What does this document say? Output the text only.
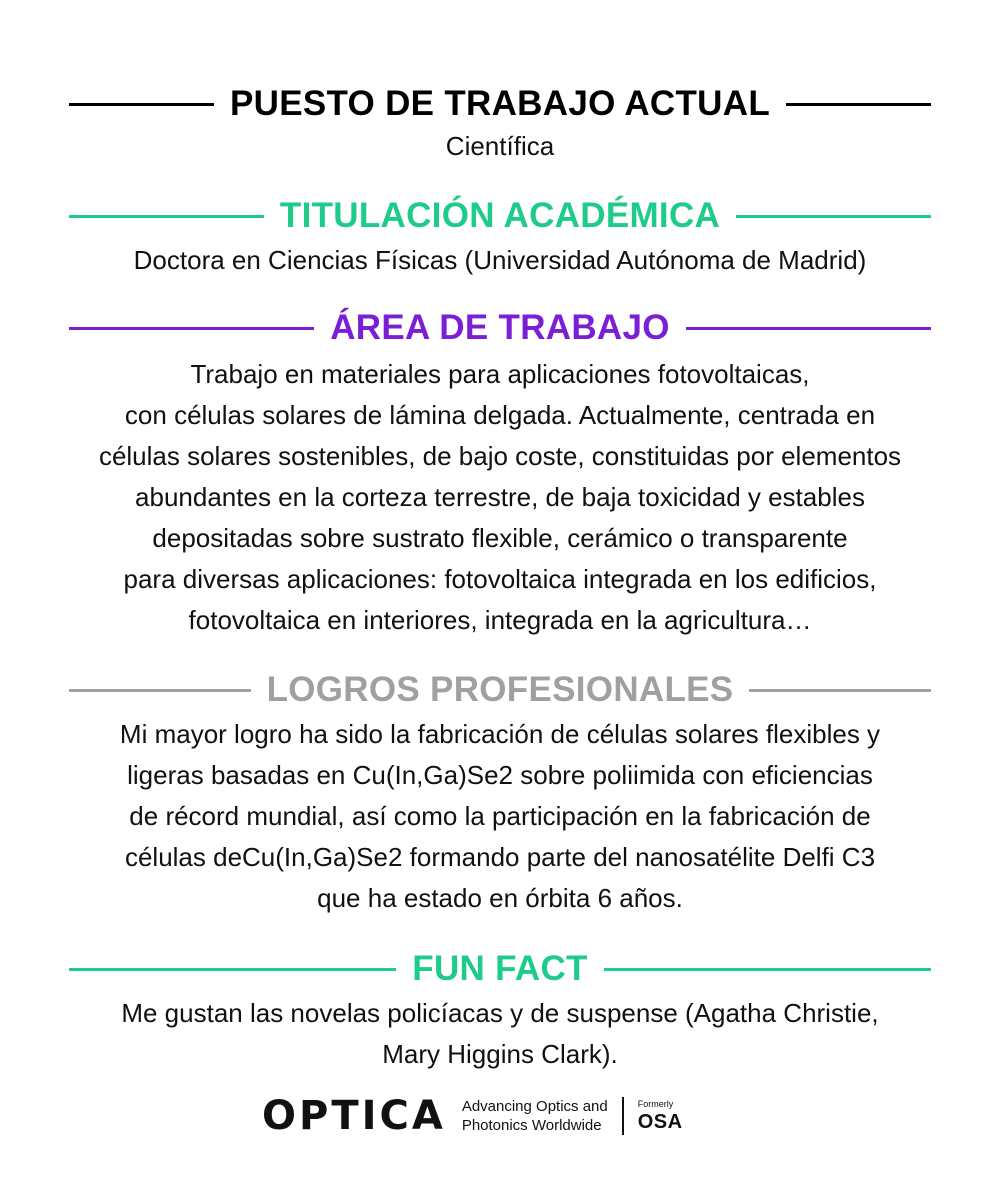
PUESTO DE TRABAJO ACTUAL

Científica

TITULACIÓN ACADÉMICA

Doctora en Ciencias Físicas (Universidad Autónoma de Madrid)

ÁREA DE TRABAJO

Trabajo en materiales para aplicaciones fotovoltaicas,
con células solares de lámina delgada. Actualmente, centrada en
células solares sostenibles, de bajo coste, constituidas por elementos
abundantes en la corteza terrestre, de baja toxicidad y estables
depositadas sobre sustrato flexible, cerámico o transparente
para diversas aplicaciones: fotovoltaica integrada en los edificios,
fotovoltaica en interiores, integrada en la agricultura…

LOGROS PROFESIONALES

Mi mayor logro ha sido la fabricación de células solares flexibles y
ligeras basadas en Cu(In,Ga)Se2 sobre poliimida con eficiencias
de récord mundial, así como la participación en la fabricación de
células deCu(In,Ga)Se2 formando parte del nanosatélite Delfi C3
que ha estado en órbita 6 años.

FUN FACT

Me gustan las novelas policíacas y de suspense (Agatha Christie,
Mary Higgins Clark).

OPTICA Advancing Optics and
Photonics Worldwide
Formerly
OSA
